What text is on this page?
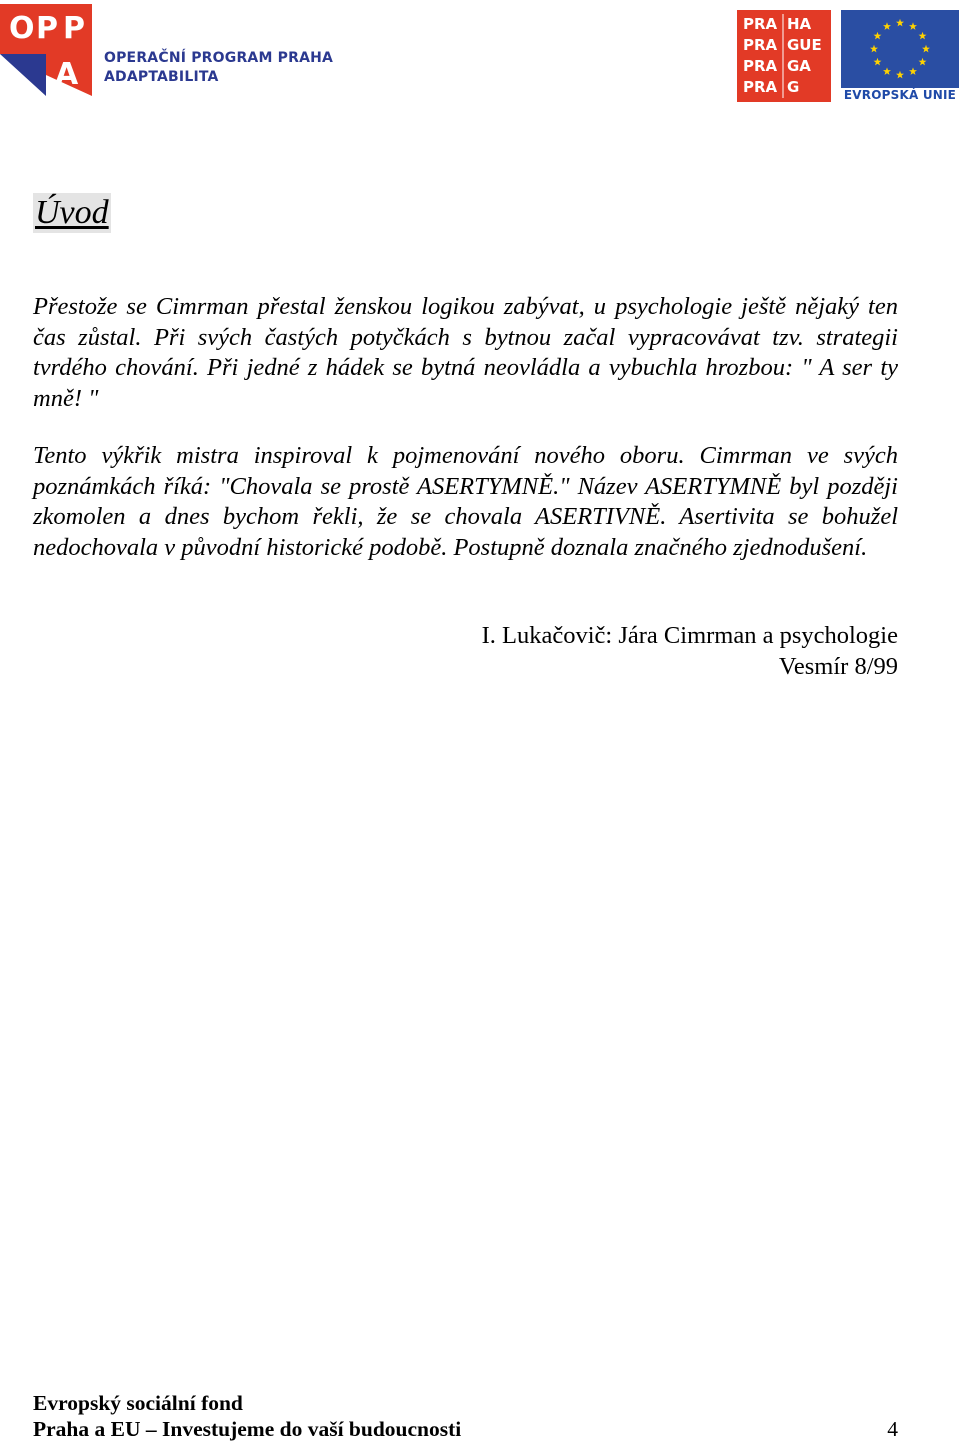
O P P
A OPERAČNÍ PROGRAM PRAHA
ADAPTABILITA
PRA HA
PRA GUE
PRA GA
PRA G	EVROPSKÁ UNIE
Úvod

Přestože se Cimrman přestal ženskou logikou zabývat, u psychologie ještě nějaký ten čas zůstal. Při svých častých potyčkách s bytnou začal vypracovávat tzv. strategii tvrdého chování. Při jedné z hádek se bytná neovládla a vybuchla hrozbou: " A ser ty mně! "

Tento výkřik mistra inspiroval k pojmenování nového oboru. Cimrman ve svých poznámkách říká: "Chovala se prostě ASERTYMNĚ." Název ASERTYMNĚ byl později zkomolen a dnes bychom řekli, že se chovala ASERTIVNĚ. Asertivita se bohužel nedochovala v původní historické podobě. Postupně doznala značného zjednodušení.

I. Lukačovič: Jára Cimrman a psychologie
Vesmír 8/99
Evropský sociální fond
Praha a EU – Investujeme do vaší budoucnosti	4
